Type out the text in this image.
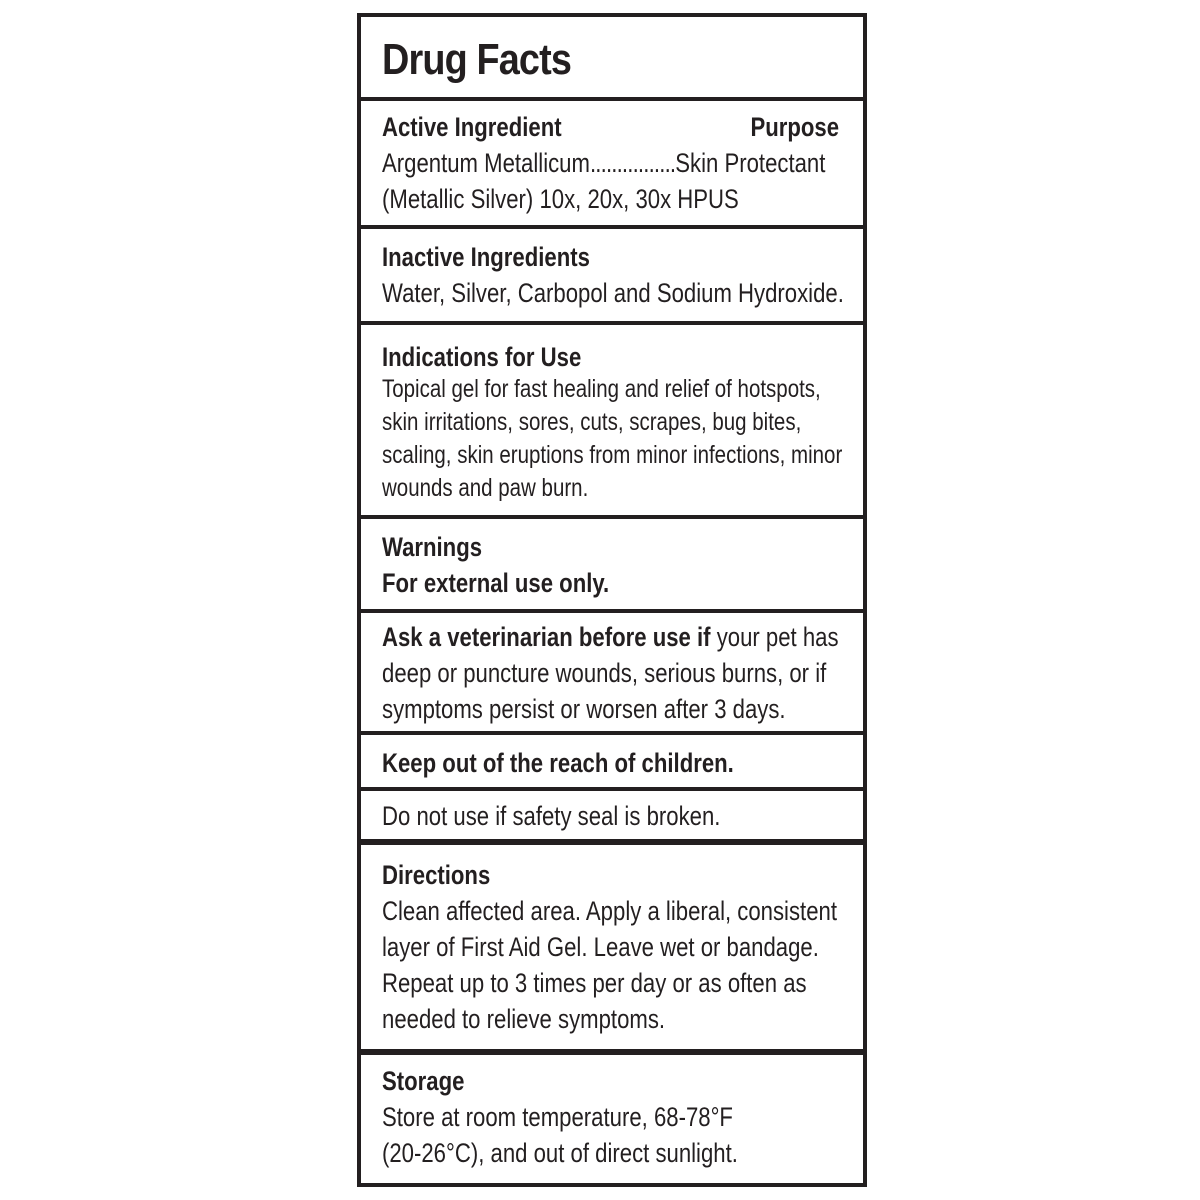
Drug Facts
Active Ingredient	Purpose
Argentum Metallicum................Skin Protectant
(Metallic Silver) 10x, 20x, 30x HPUS
Inactive Ingredients
Water, Silver, Carbopol and Sodium Hydroxide.
Indications for Use
Topical gel for fast healing and relief of hotspots,
skin irritations, sores, cuts, scrapes, bug bites,
scaling, skin eruptions from minor infections, minor
wounds and paw burn.
Warnings
For external use only.
Ask a veterinarian before use if your pet has
deep or puncture wounds, serious burns, or if
symptoms persist or worsen after 3 days.
Keep out of the reach of children.
Do not use if safety seal is broken.
Directions
Clean affected area. Apply a liberal, consistent
layer of First Aid Gel. Leave wet or bandage.
Repeat up to 3 times per day or as often as
needed to relieve symptoms.
Storage
Store at room temperature, 68-78°F
(20-26°C), and out of direct sunlight.
